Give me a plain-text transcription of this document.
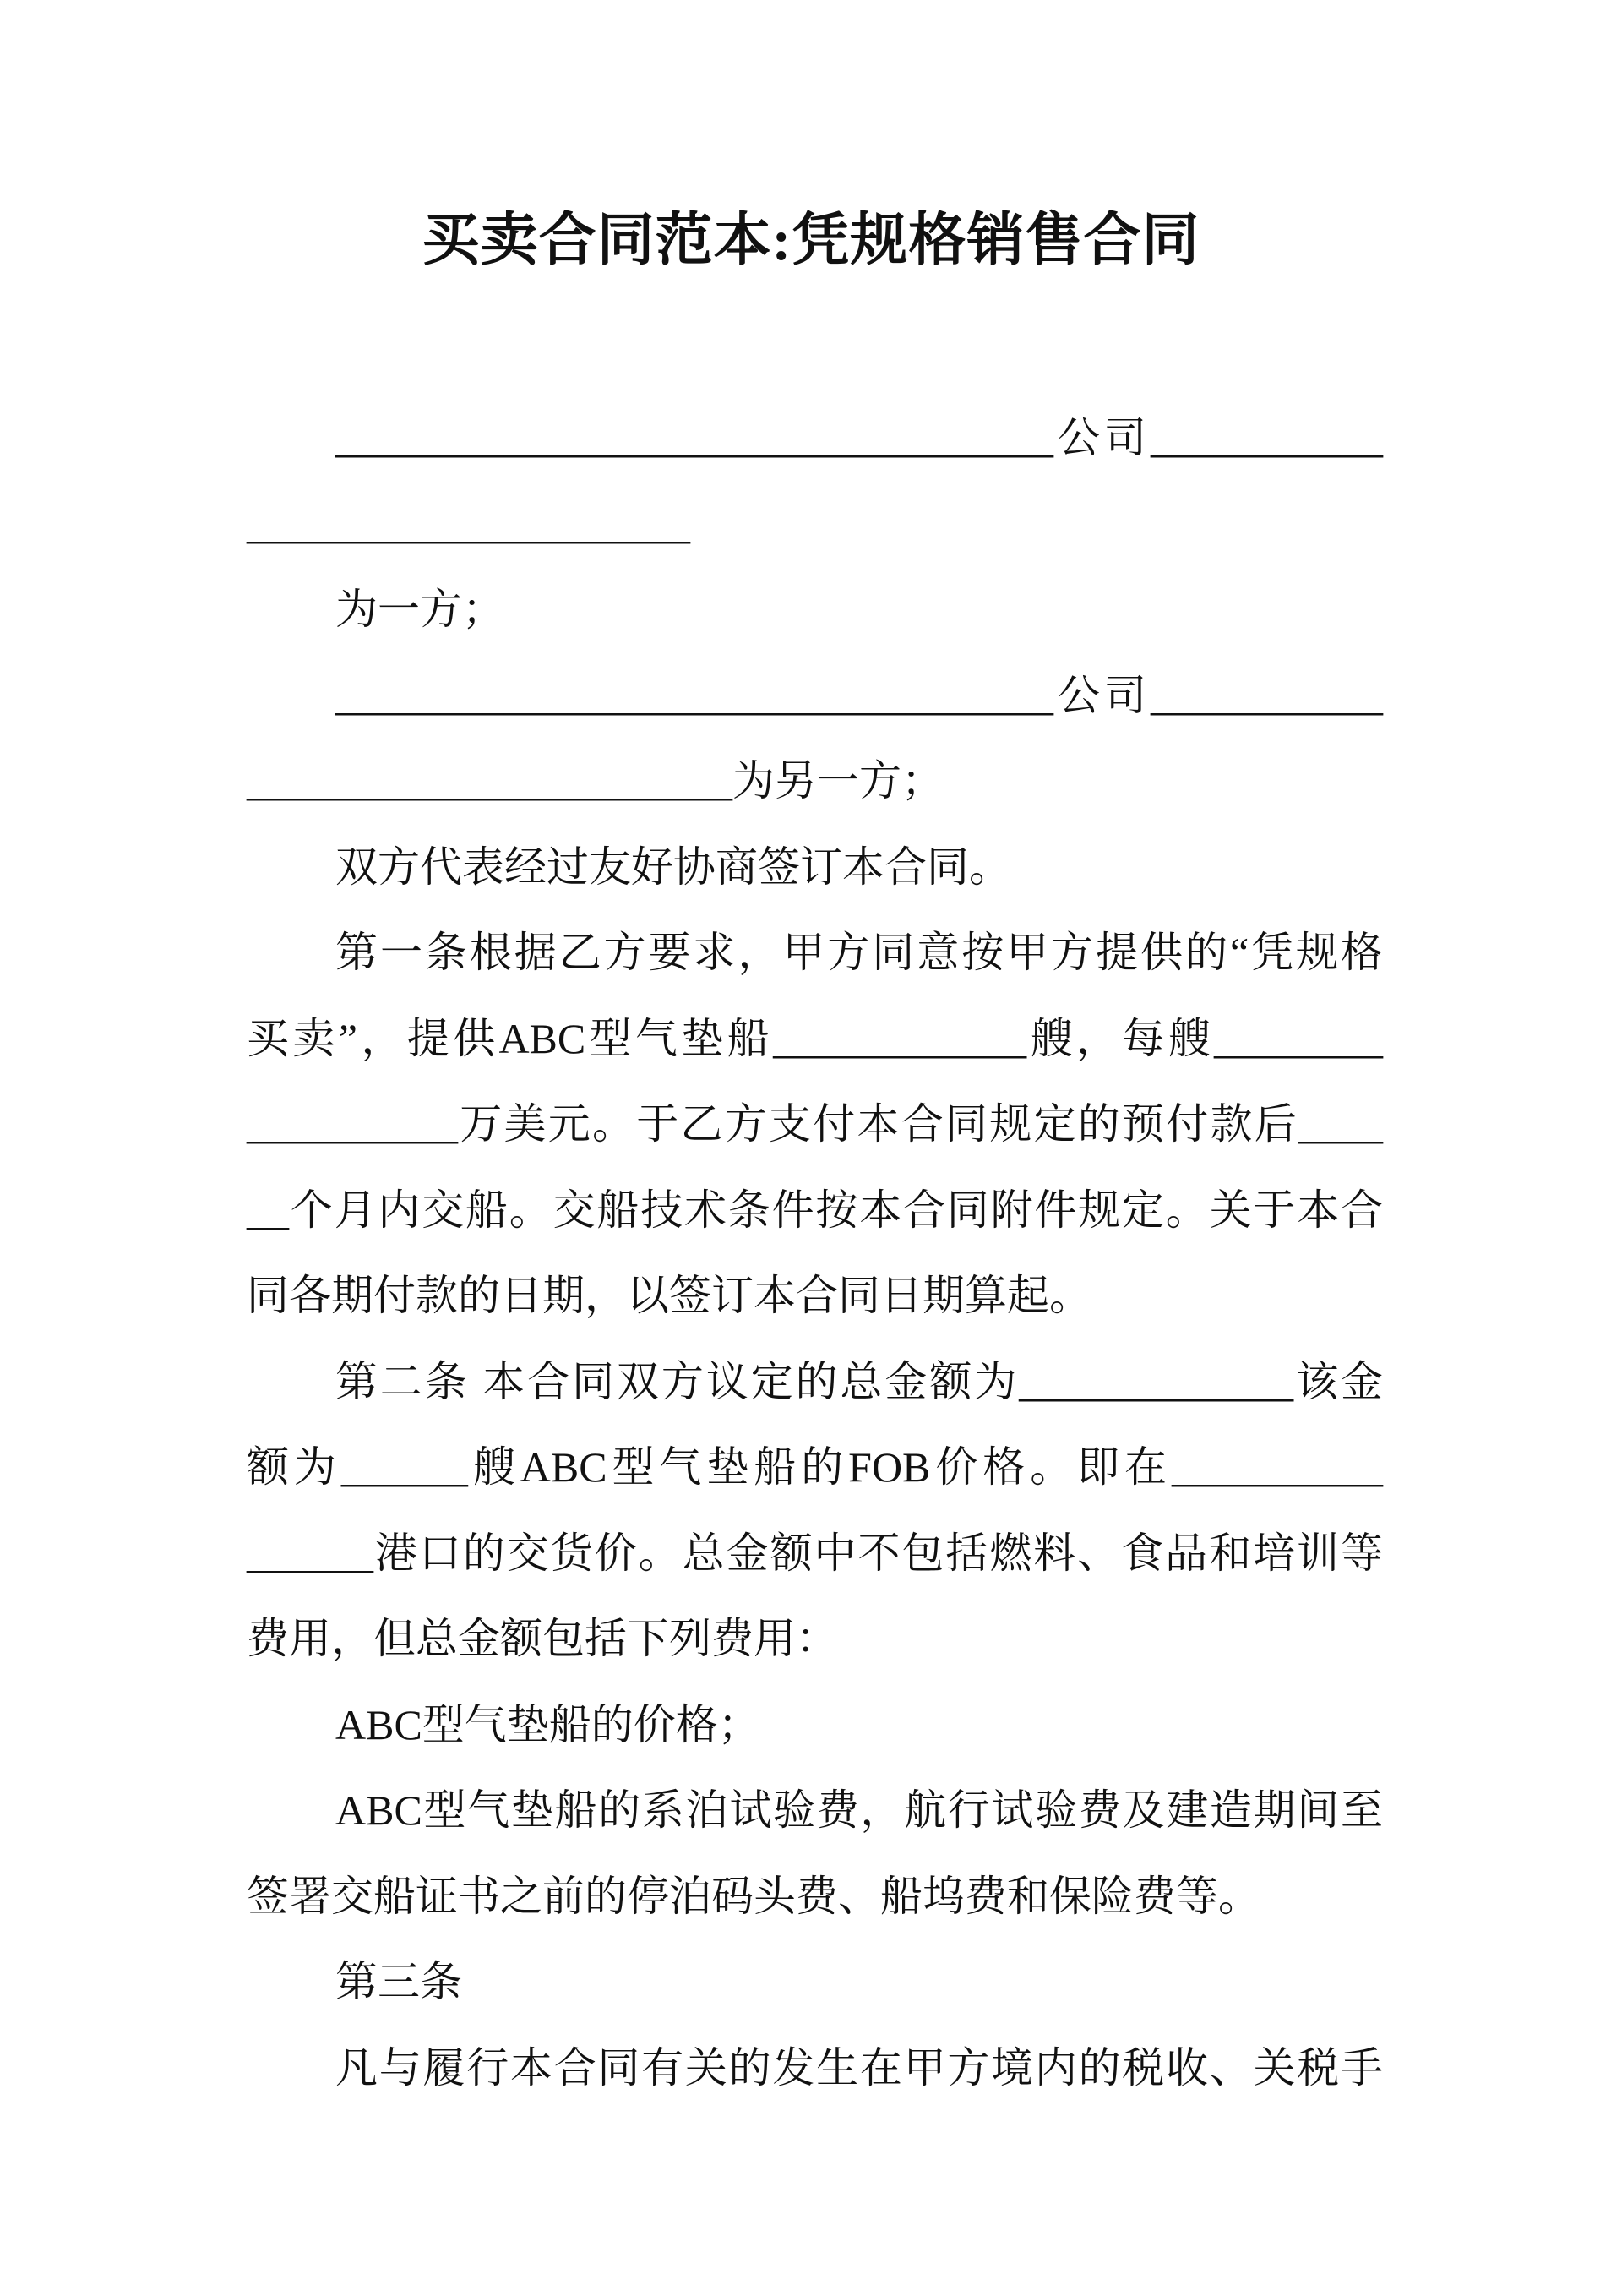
买卖合同范本:凭规格销售合同
__________________________________公司___________
_____________________
为一方；
__________________________________公司___________
_______________________为另一方；
双方代表经过友好协商签订本合同。
第一条根据乙方要求，甲方同意按甲方提供的“凭规格
买卖”，提供ABC型气垫船____________艘，每艘________
__________万美元。于乙方支付本合同规定的预付款后____
__个月内交船。交船技术条件按本合同附件规定。关于本合
同各期付款的日期，以签订本合同日期算起。
第二条 本合同双方议定的总金额为_____________该金
额为______艘ABC型气垫船的FOB价格。即在__________
______港口的交货价。总金额中不包括燃料、食品和培训等
费用，但总金额包括下列费用：
ABC型气垫船的价格；
ABC型气垫船的系泊试验费，航行试验费及建造期间至
签署交船证书之前的停泊码头费、船坞费和保险费等。
第三条
凡与履行本合同有关的发生在甲方境内的税收、关税手
